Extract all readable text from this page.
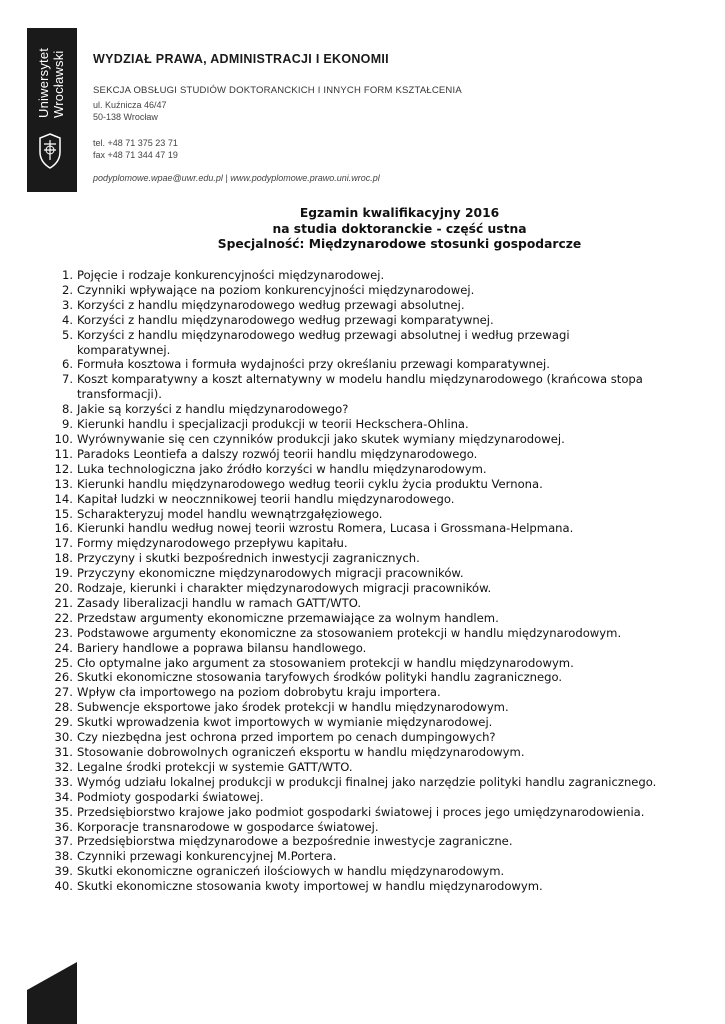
Uniwersytet Wrocławski WYDZIAŁ PRAWA, ADMINISTRACJI I EKONOMII
SEKCJA OBSŁUGI STUDIÓW DOKTORANCKICH I INNYCH FORM KSZTAŁCENIA
ul. Kuźnicza 46/47
50-138 Wrocław
tel. +48 71 375 23 71
fax +48 71 344 47 19
podyplomowe.wpae@uwr.edu.pl | www.podyplomowe.prawo.uni.wroc.pl
Egzamin kwalifikacyjny 2016
na studia doktoranckie - część ustna
Specjalność: Międzynarodowe stosunki gospodarcze
1. Pojęcie i rodzaje konkurencyjności międzynarodowej.
2. Czynniki wpływające na poziom konkurencyjności międzynarodowej.
3. Korzyści z handlu międzynarodowego według przewagi absolutnej.
4. Korzyści z handlu międzynarodowego według przewagi komparatywnej.
5. Korzyści z handlu międzynarodowego według przewagi absolutnej i według przewagi komparatywnej.
6. Formuła kosztowa i formuła wydajności przy określaniu przewagi komparatywnej.
7. Koszt komparatywny a koszt alternatywny w modelu handlu międzynarodowego (krańcowa stopa transformacji).
8. Jakie są korzyści z handlu międzynarodowego?
9. Kierunki handlu i specjalizacji produkcji w teorii Heckschera-Ohlina.
10. Wyrównywanie się cen czynników produkcji jako skutek wymiany międzynarodowej.
11. Paradoks Leontiefa a dalszy rozwój teorii handlu międzynarodowego.
12. Luka technologiczna jako źródło korzyści w handlu międzynarodowym.
13. Kierunki handlu międzynarodowego według teorii cyklu życia produktu Vernona.
14. Kapitał ludzki w neocznnikowej teorii handlu międzynarodowego.
15. Scharakteryzuj model handlu wewnątrzgałęziowego.
16. Kierunki handlu według nowej teorii wzrostu Romera, Lucasa i Grossmana-Helpmana.
17. Formy międzynarodowego przepływu kapitału.
18. Przyczyny i skutki bezpośrednich inwestycji zagranicznych.
19. Przyczyny ekonomiczne międzynarodowych migracji pracowników.
20. Rodzaje, kierunki i charakter międzynarodowych migracji pracowników.
21. Zasady liberalizacji handlu w ramach GATT/WTO.
22. Przedstaw argumenty ekonomiczne przemawiające za wolnym handlem.
23. Podstawowe argumenty ekonomiczne za stosowaniem protekcji w handlu międzynarodowym.
24. Bariery handlowe a poprawa bilansu handlowego.
25. Cło optymalne jako argument za stosowaniem protekcji w handlu międzynarodowym.
26. Skutki ekonomiczne stosowania taryfowych środków polityki handlu zagranicznego.
27. Wpływ cła importowego na poziom dobrobytu kraju importera.
28. Subwencje eksportowe jako środek protekcji w handlu międzynarodowym.
29. Skutki wprowadzenia kwot importowych w wymianie międzynarodowej.
30. Czy niezbędna jest ochrona przed importem po cenach dumpingowych?
31. Stosowanie dobrowolnych ograniczeń eksportu w handlu międzynarodowym.
32. Legalne środki protekcji w systemie GATT/WTO.
33. Wymóg udziału lokalnej produkcji w produkcji finalnej jako narzędzie polityki handlu zagranicznego.
34. Podmioty gospodarki światowej.
35. Przedsiębiorstwo krajowe jako podmiot gospodarki światowej i proces jego umiędzynarodowienia.
36. Korporacje transnarodowe w gospodarce światowej.
37. Przedsiębiorstwa międzynarodowe a bezpośrednie inwestycje zagraniczne.
38. Czynniki przewagi konkurencyjnej M.Portera.
39. Skutki ekonomiczne ograniczeń ilościowych w handlu międzynarodowym.
40. Skutki ekonomiczne stosowania kwoty importowej w handlu międzynarodowym.
